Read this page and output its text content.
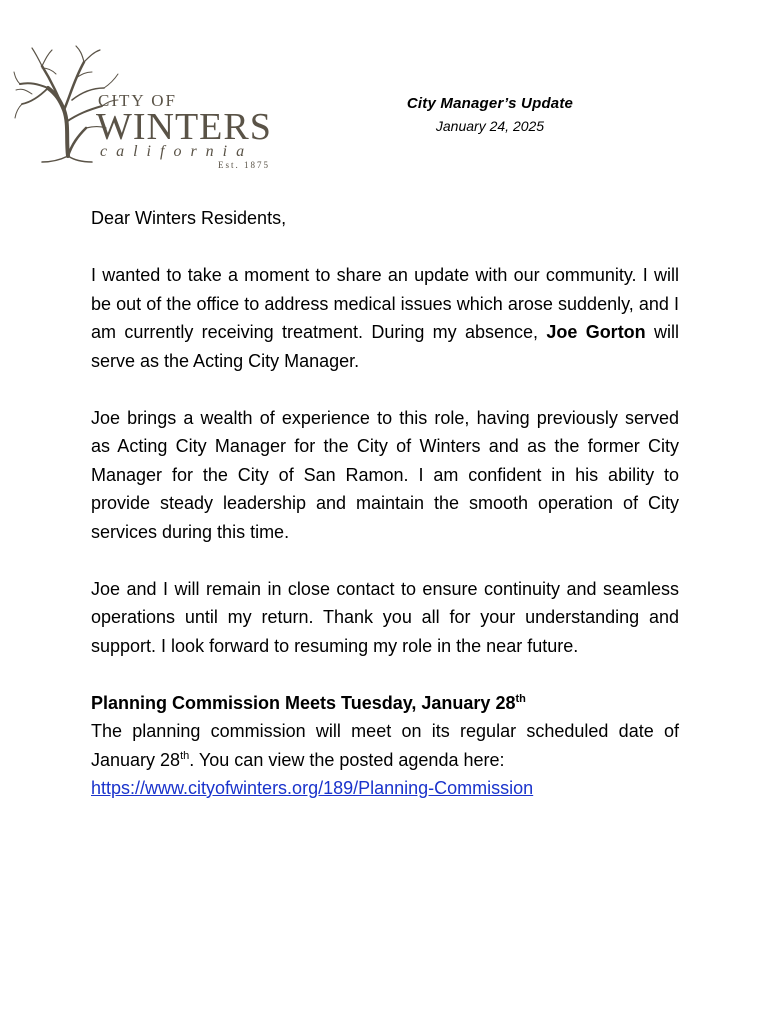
CITY OF
WINTERS
california
Est. 1875
City Manager’s Update
January 24, 2025

Dear Winters Residents,

I wanted to take a moment to share an update with our community. I will be out of the office to address medical issues which arose suddenly, and I am currently receiving treatment. During my absence, Joe Gorton will serve as the Acting City Manager.

Joe brings a wealth of experience to this role, having previously served as Acting City Manager for the City of Winters and as the former City Manager for the City of San Ramon. I am confident in his ability to provide steady leadership and maintain the smooth operation of City services during this time.

Joe and I will remain in close contact to ensure continuity and seamless operations until my return. Thank you all for your understanding and support. I look forward to resuming my role in the near future.

Planning Commission Meets Tuesday, January 28th

The planning commission will meet on its regular scheduled date of January 28th. You can view the posted agenda here:

https://www.cityofwinters.org/189/Planning-Commission
